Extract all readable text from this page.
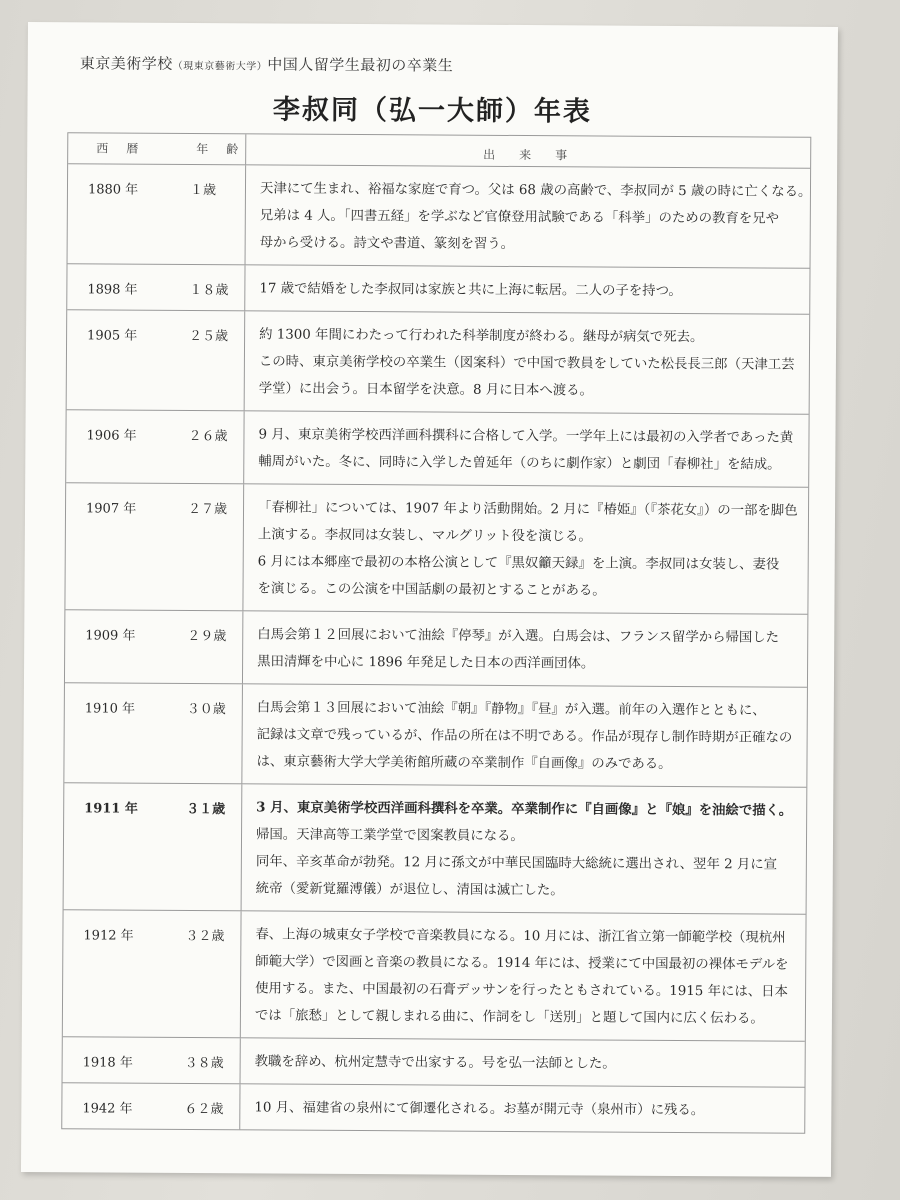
東京美術学校（現東京藝術大学）中国人留学生最初の卒業生
李叔同（弘一大師）年表
西　暦	年　齢	出　来　事
1880 年	１歳	天津にて生まれ、裕福な家庭で育つ。父は 68 歳の高齢で、李叔同が 5 歳の時に亡くなる。
兄弟は 4 人。「四書五経」を学ぶなど官僚登用試験である「科挙」のための教育を兄や
母から受ける。詩文や書道、篆刻を習う。
1898 年	１８歳	17 歳で結婚をした李叔同は家族と共に上海に転居。二人の子を持つ。
1905 年	２５歳	約 1300 年間にわたって行われた科挙制度が終わる。継母が病気で死去。
この時、東京美術学校の卒業生（図案科）で中国で教員をしていた松長長三郎（天津工芸
学堂）に出会う。日本留学を決意。8 月に日本へ渡る。
1906 年	２６歳	9 月、東京美術学校西洋画科撰科に合格して入学。一学年上には最初の入学者であった黄
輔周がいた。冬に、同時に入学した曽延年（のちに劇作家）と劇団「春柳社」を結成。
1907 年	２７歳	「春柳社」については、1907 年より活動開始。2 月に『椿姫』（『茶花女』）の一部を脚色
上演する。李叔同は女装し、マルグリット役を演じる。
6 月には本郷座で最初の本格公演として『黒奴籲天録』を上演。李叔同は女装し、妻役
を演じる。この公演を中国話劇の最初とすることがある。
1909 年	２９歳	白馬会第１２回展において油絵『停琴』が入選。白馬会は、フランス留学から帰国した
黒田清輝を中心に 1896 年発足した日本の西洋画団体。
1910 年	３０歳	白馬会第１３回展において油絵『朝』『静物』『昼』が入選。前年の入選作とともに、
記録は文章で残っているが、作品の所在は不明である。作品が現存し制作時期が正確なの
は、東京藝術大学大学美術館所蔵の卒業制作『自画像』のみである。
1911 年	３１歳	3 月、東京美術学校西洋画科撰科を卒業。卒業制作に『自画像』と『娘』を油絵で描く。
帰国。天津高等工業学堂で図案教員になる。
同年、辛亥革命が勃発。12 月に孫文が中華民国臨時大総統に選出され、翌年 2 月に宣
統帝（愛新覚羅溥儀）が退位し、清国は滅亡した。
1912 年	３２歳	春、上海の城東女子学校で音楽教員になる。10 月には、浙江省立第一師範学校（現杭州
師範大学）で図画と音楽の教員になる。1914 年には、授業にて中国最初の裸体モデルを
使用する。また、中国最初の石膏デッサンを行ったともされている。1915 年には、日本
では「旅愁」として親しまれる曲に、作詞をし「送別」と題して国内に広く伝わる。
1918 年	３８歳	教職を辞め、杭州定慧寺で出家する。号を弘一法師とした。
1942 年	６２歳	10 月、福建省の泉州にて御遷化される。お墓が開元寺（泉州市）に残る。
